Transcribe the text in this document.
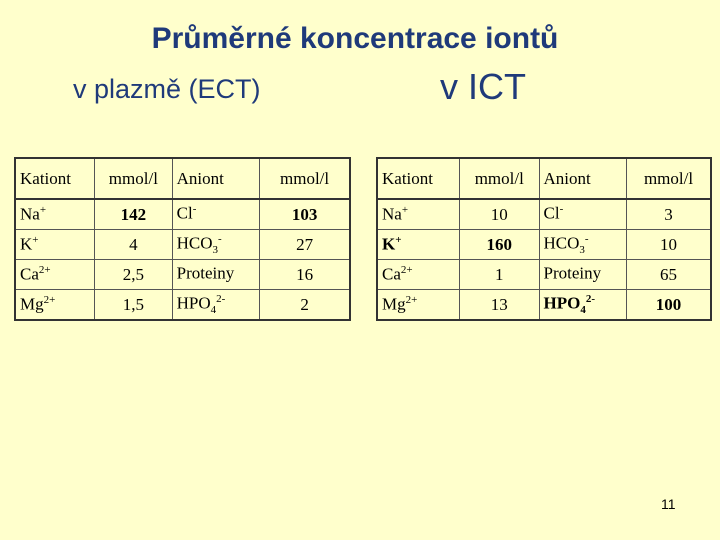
Průměrné koncentrace iontů
v plazmě (ECT)	v ICT
Kationt	mmol/l	Aniont	mmol/l
Na+	142	Cl-	103
K+	4	$HCO_3^-$	27
$Ca^{2+}$	2,5	Proteiny	16
$Mg^{2+}$	1,5	$HPO_4^{2-}$	2
Kationt	mmol/l	Aniont	mmol/l
Na+	10	Cl-	3
K+	160	$HCO_3^-$	10
$Ca^{2+}$	1	Proteiny	65
$Mg^{2+}$	13	$HPO_4^{2-}$	100
11
